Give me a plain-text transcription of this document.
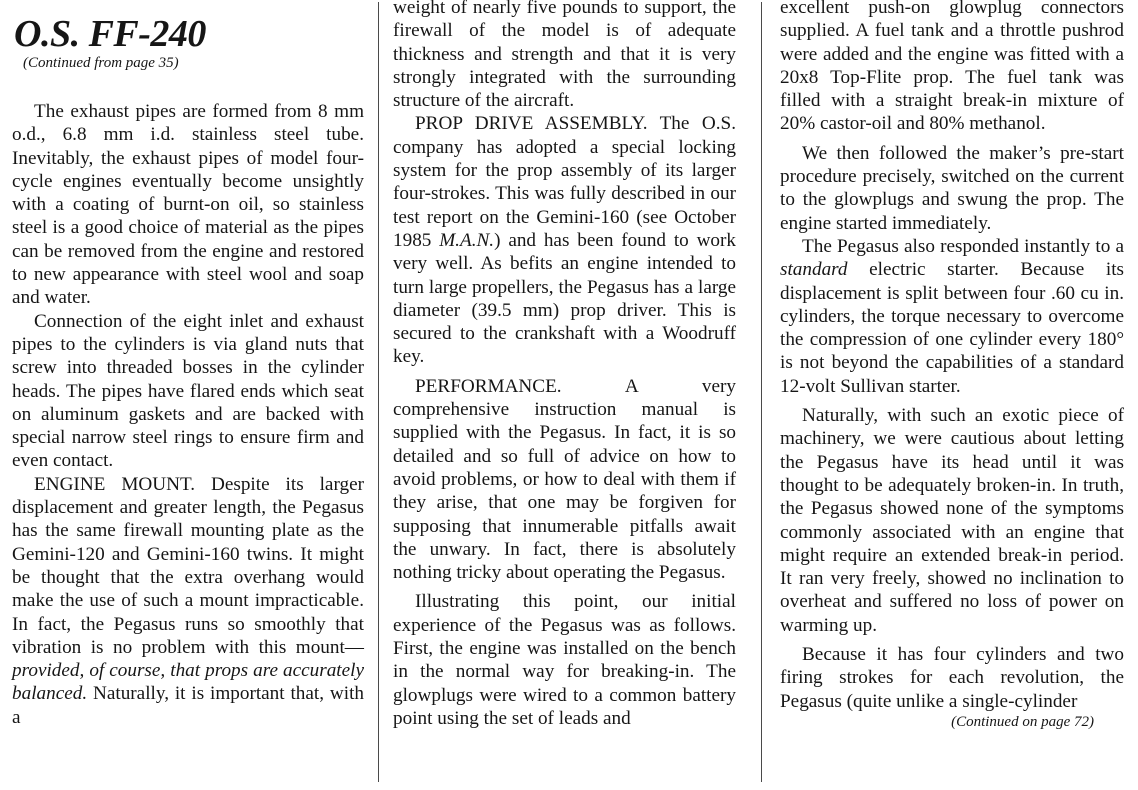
O.S. FF-240
(Continued from page 35)

The exhaust pipes are formed from 8 mm o.d., 6.8 mm i.d. stainless steel tube. Inevitably, the exhaust pipes of model four-cycle engines eventually become unsightly with a coating of burnt-on oil, so stainless steel is a good choice of material as the pipes can be removed from the engine and restored to new appearance with steel wool and soap and water.

Connection of the eight inlet and exhaust pipes to the cylinders is via gland nuts that screw into threaded bosses in the cylinder heads. The pipes have flared ends which seat on aluminum gaskets and are backed with special narrow steel rings to ensure firm and even contact.

ENGINE MOUNT. Despite its larger displacement and greater length, the Pegasus has the same firewall mounting plate as the Gemini-120 and Gemini-160 twins. It might be thought that the extra overhang would make the use of such a mount impracticable. In fact, the Pegasus runs so smoothly that vibration is no problem with this mount—provided, of course, that props are accurately balanced. Naturally, it is important that, with a

weight of nearly five pounds to support, the firewall of the model is of adequate thickness and strength and that it is very strongly integrated with the surrounding structure of the aircraft.

PROP DRIVE ASSEMBLY. The O.S. company has adopted a special locking system for the prop assembly of its larger four-strokes. This was fully described in our test report on the Gemini-160 (see October 1985 M.A.N.) and has been found to work very well. As befits an engine intended to turn large propellers, the Pegasus has a large diameter (39.5 mm) prop driver. This is secured to the crankshaft with a Woodruff key.

PERFORMANCE. A very comprehensive instruction manual is supplied with the Pegasus. In fact, it is so detailed and so full of advice on how to avoid problems, or how to deal with them if they arise, that one may be forgiven for supposing that innumerable pitfalls await the unwary. In fact, there is absolutely nothing tricky about operating the Pegasus.

Illustrating this point, our initial experience of the Pegasus was as follows. First, the engine was installed on the bench in the normal way for breaking-in. The glowplugs were wired to a common battery point using the set of leads and

excellent push-on glowplug connectors supplied. A fuel tank and a throttle pushrod were added and the engine was fitted with a 20x8 Top-Flite prop. The fuel tank was filled with a straight break-in mixture of 20% castor-oil and 80% methanol.

We then followed the maker’s pre-start procedure precisely, switched on the current to the glowplugs and swung the prop. The engine started immediately.

The Pegasus also responded instantly to a standard electric starter. Because its displacement is split between four .60 cu in. cylinders, the torque necessary to overcome the compression of one cylinder every 180° is not beyond the capabilities of a standard 12-volt Sullivan starter.

Naturally, with such an exotic piece of machinery, we were cautious about letting the Pegasus have its head until it was thought to be adequately broken-in. In truth, the Pegasus showed none of the symptoms commonly associated with an engine that might require an extended break-in period. It ran very freely, showed no inclination to overheat and suffered no loss of power on warming up.

Because it has four cylinders and two firing strokes for each revolution, the Pegasus (quite unlike a single-cylinder

(Continued on page 72)
